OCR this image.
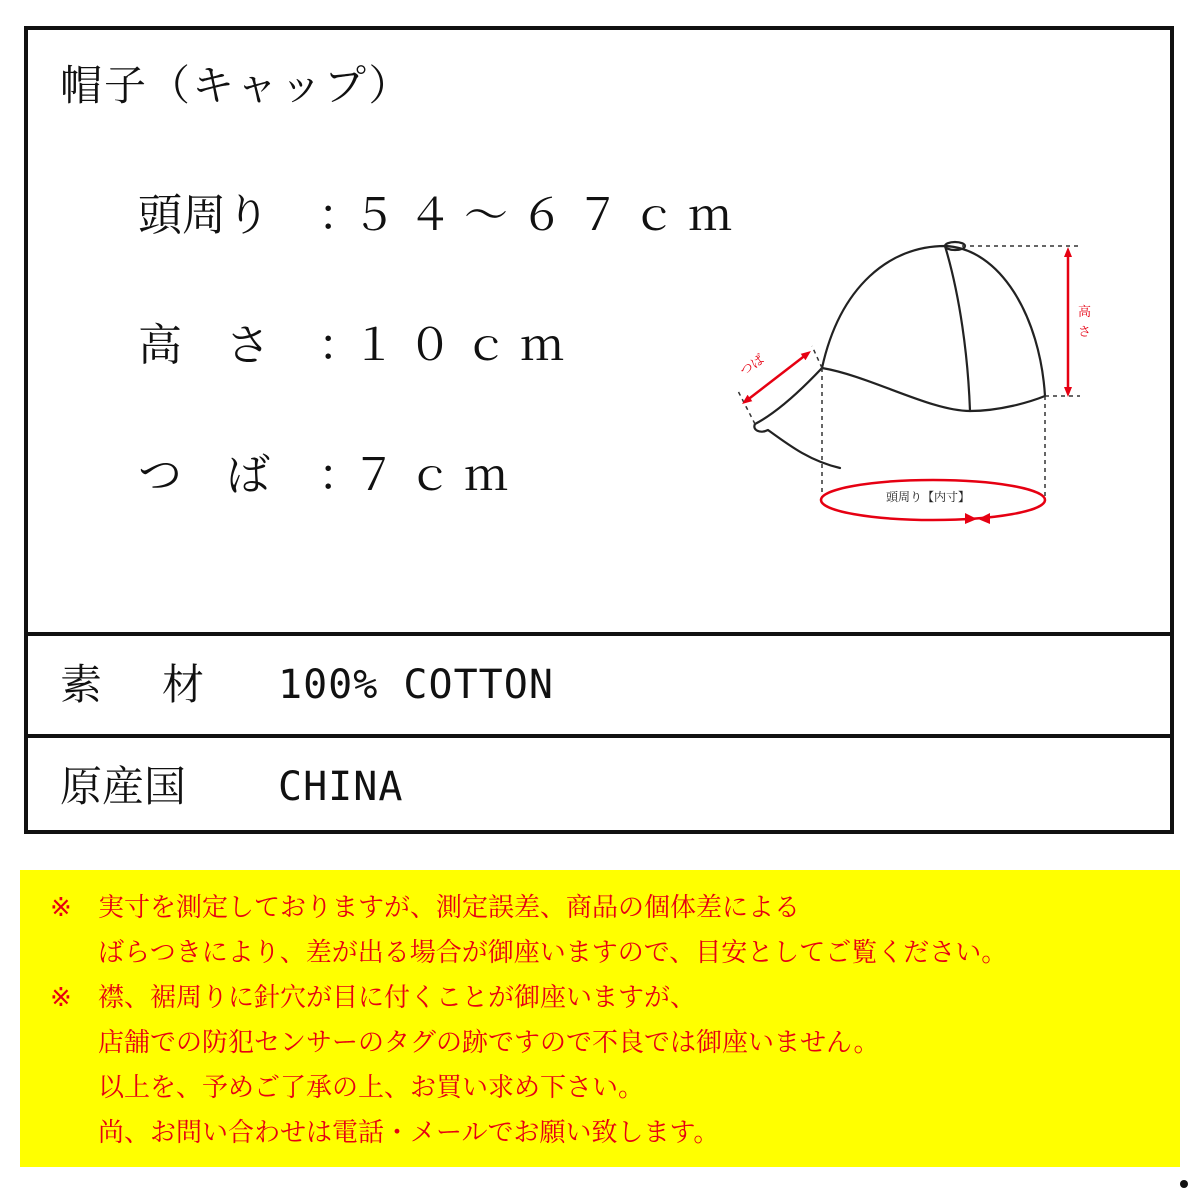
帽子（キャップ）
頭周り ：５４～６７ｃｍ
高　さ ：１０ｃｍ
つ　ば ：７ｃｍ
高
さ
つば
頭周り【内寸】
素 材 100% COTTON
原産国 CHINA
※ 実寸を測定しておりますが、測定誤差、商品の個体差による
ばらつきにより、差が出る場合が御座いますので、目安としてご覧ください。
※ 襟、裾周りに針穴が目に付くことが御座いますが、
店舗での防犯センサーのタグの跡ですので不良では御座いません。
以上を、予めご了承の上、お買い求め下さい。
尚、お問い合わせは電話・メールでお願い致します。
